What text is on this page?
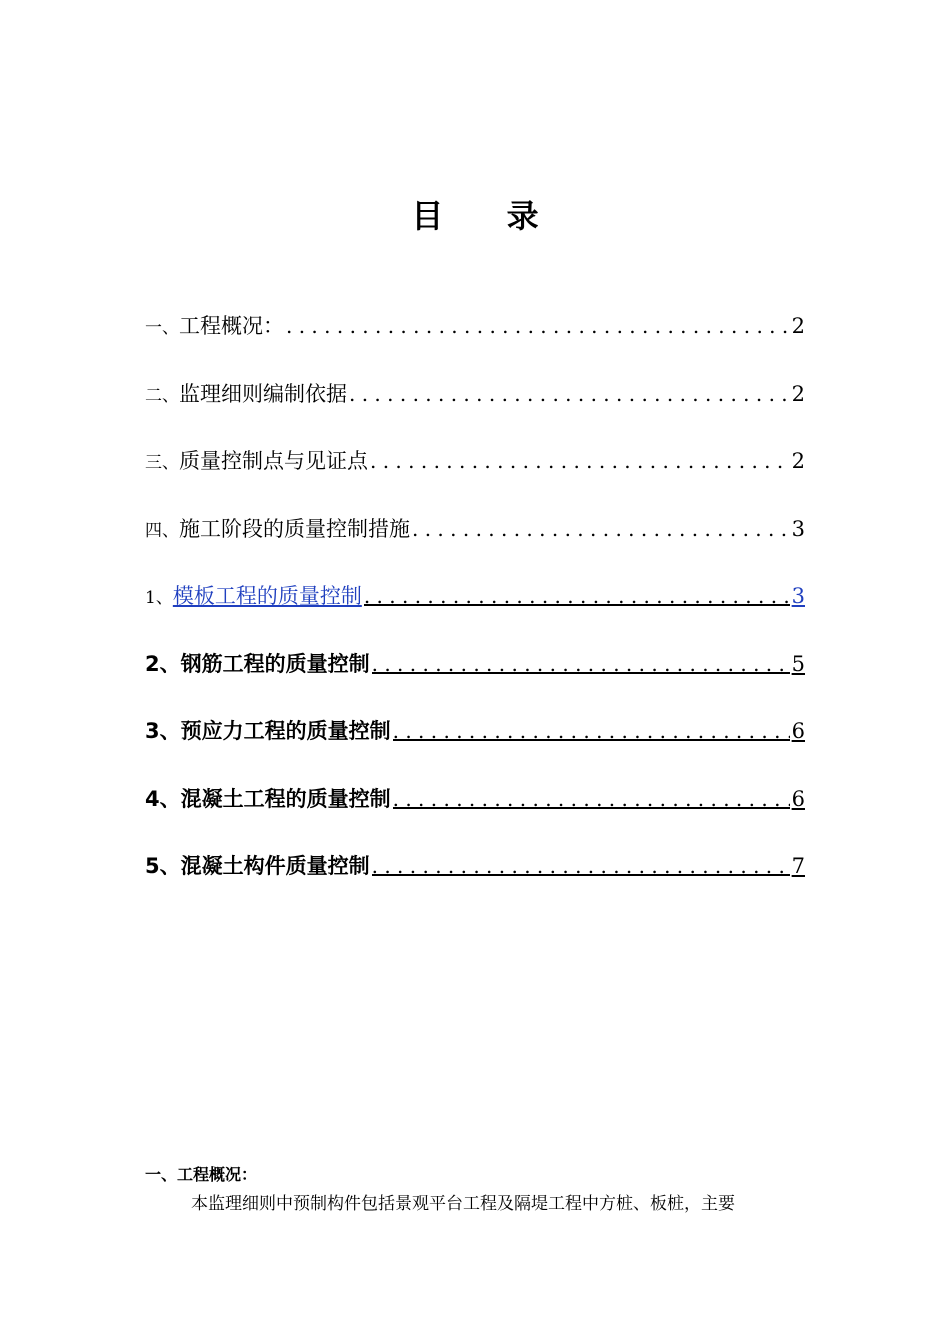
目 录
一、 工程概况： . . .	2
二、 监理细则编制依据 . . .	2
三、 质量控制点与见证点 . . .	2
四、 施工阶段的质量控制措施 . . .	3
1、 模板工程的质量控制 . . .	3
2、 钢筋工程的质量控制 . . .	5
3、 预应力工程的质量控制 . . .	6
4、 混凝土工程的质量控制 . . .	6
5、 混凝土构件质量控制 . . .	7
一、工程概况：
本监理细则中预制构件包括景观平台工程及隔堤工程中方桩、板桩，主要
